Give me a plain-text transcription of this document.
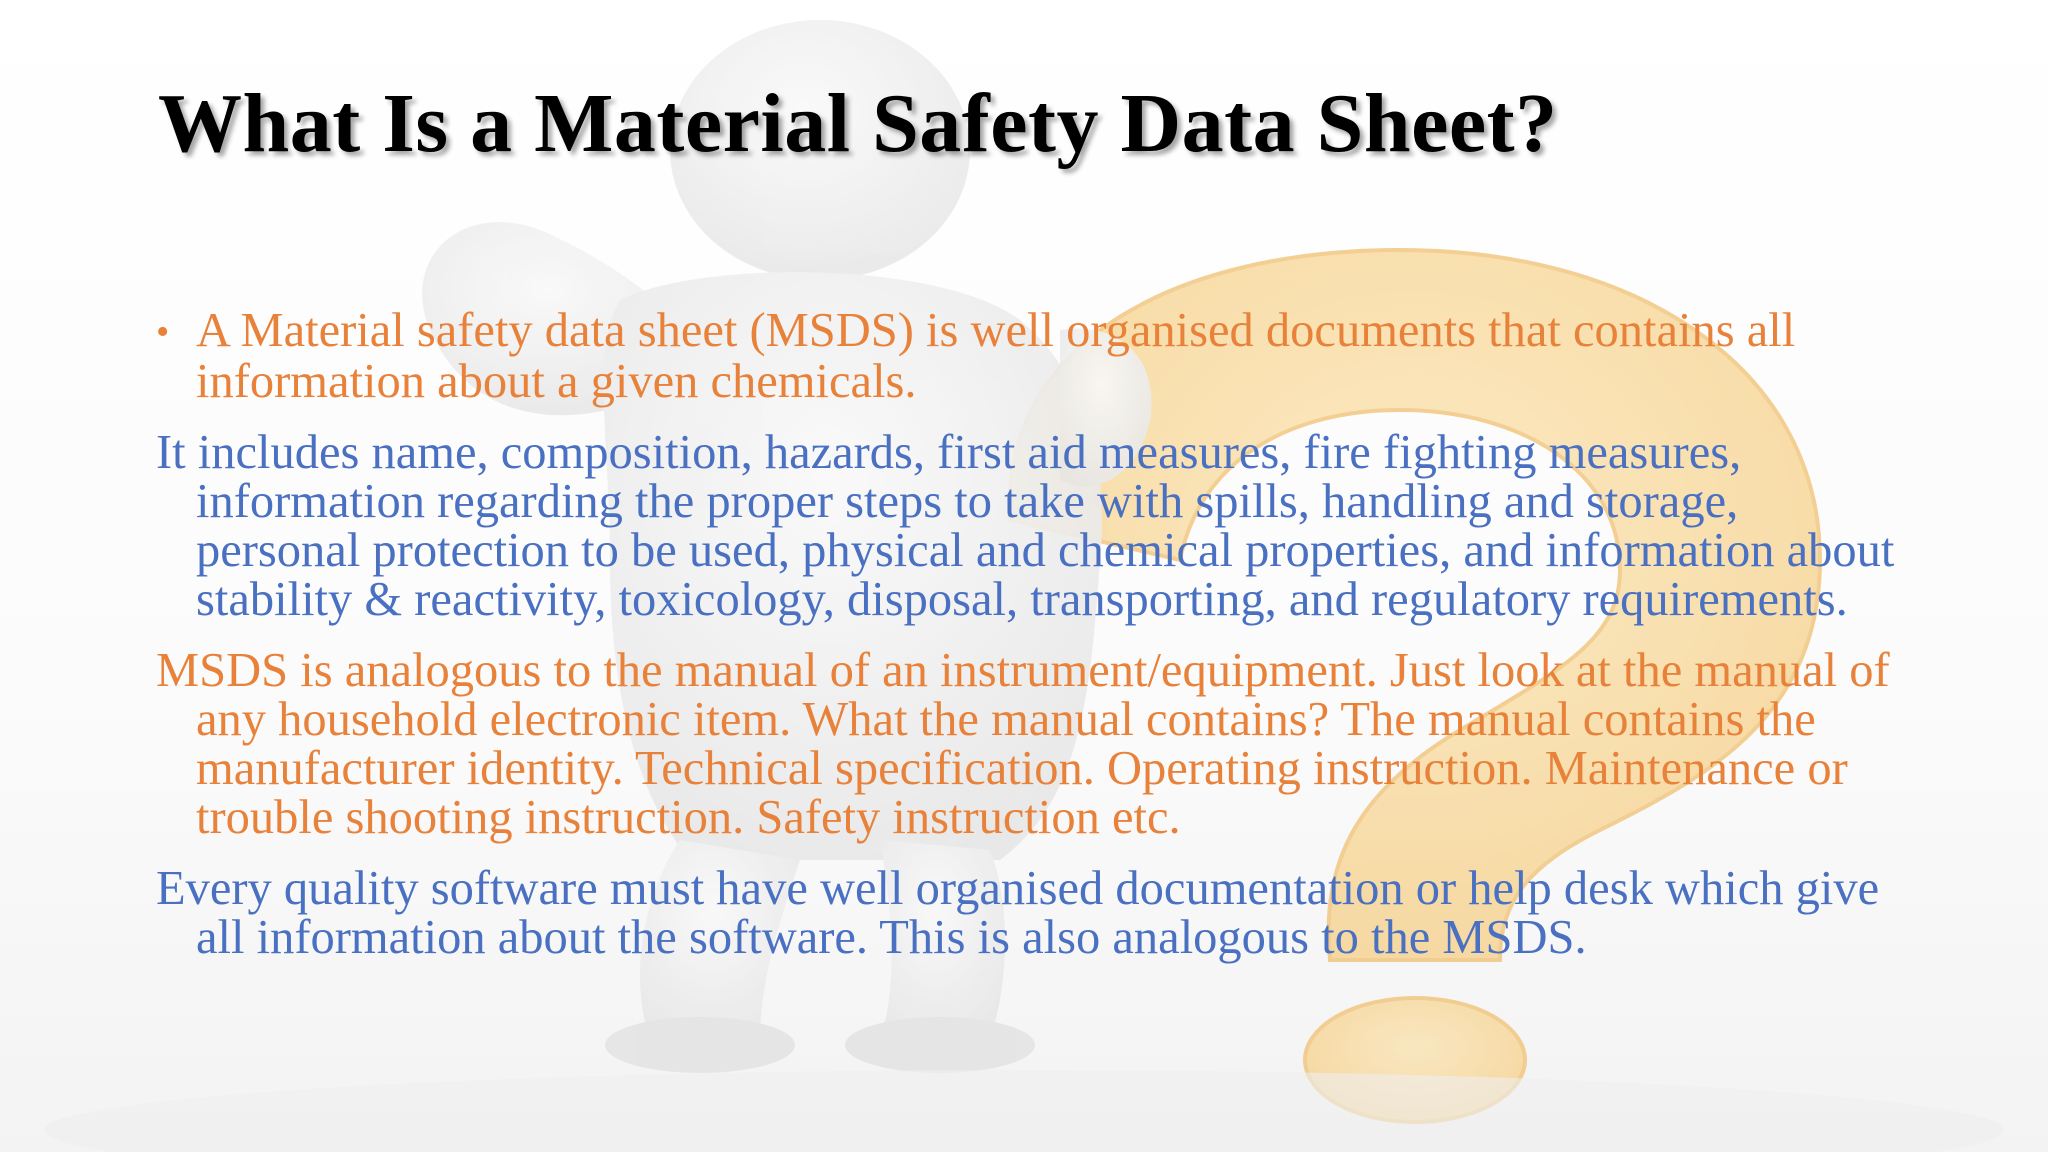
What Is a Material Safety Data Sheet?

• A Material safety data sheet (MSDS) is well organised documents that contains all information about a given chemicals.

It includes name, composition, hazards, first aid measures, fire fighting measures, information regarding the proper steps to take with spills, handling and storage, personal protection to be used, physical and chemical properties, and information about stability & reactivity, toxicology, disposal, transporting, and regulatory requirements.

MSDS is analogous to the manual of an instrument/equipment. Just look at the manual of any household electronic item. What the manual contains? The manual contains the manufacturer identity. Technical specification. Operating instruction. Maintenance or trouble shooting instruction. Safety instruction etc.

Every quality software must have well organised documentation or help desk which give all information about the software. This is also analogous to the MSDS.
